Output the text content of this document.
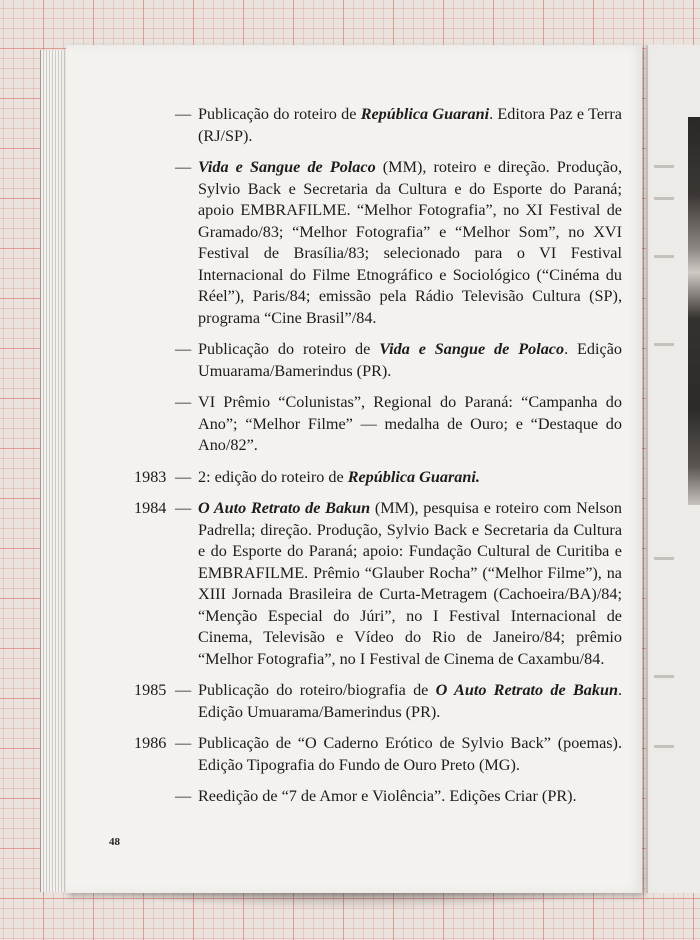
— Publicação do roteiro de República Guarani. Editora Paz e Terra (RJ/SP).
— Vida e Sangue de Polaco (MM), roteiro e direção. Produção, Sylvio Back e Secretaria da Cultura e do Esporte do Paraná; apoio EMBRAFILME. “Melhor Fotografia”, no XI Festival de Gramado/83; “Melhor Fotografia” e “Melhor Som”, no XVI Festival de Brasília/83; selecionado para o VI Festival Internacional do Filme Etnográfico e Sociológico (“Cinéma du Réel”), Paris/84; emissão pela Rádio Televisão Cultura (SP), programa “Cine Brasil”/84.
— Publicação do roteiro de Vida e Sangue de Polaco. Edição Umuarama/Bamerindus (PR).
— VI Prêmio “Colunistas”, Regional do Paraná: “Campanha do Ano”; “Melhor Filme” — medalha de Ouro; e “Destaque do Ano/82”.
1983 — 2: edição do roteiro de República Guarani.
1984 — O Auto Retrato de Bakun (MM), pesquisa e roteiro com Nelson Padrella; direção. Produção, Sylvio Back e Secretaria da Cultura e do Esporte do Paraná; apoio: Fundação Cultural de Curitiba e EMBRAFILME. Prêmio “Glauber Rocha” (“Melhor Filme”), na XIII Jornada Brasileira de Curta-Metragem (Cachoeira/BA)/84; “Menção Especial do Júri”, no I Festival Internacional de Cinema, Televisão e Vídeo do Rio de Janeiro/84; prêmio “Melhor Fotografia”, no I Festival de Cinema de Caxambu/84.
1985 — Publicação do roteiro/biografia de O Auto Retrato de Bakun. Edição Umuarama/Bamerindus (PR).
1986 — Publicação de “O Caderno Erótico de Sylvio Back” (poemas). Edição Tipografia do Fundo de Ouro Preto (MG).
— Reedição de “7 de Amor e Violência”. Edições Criar (PR).
48
